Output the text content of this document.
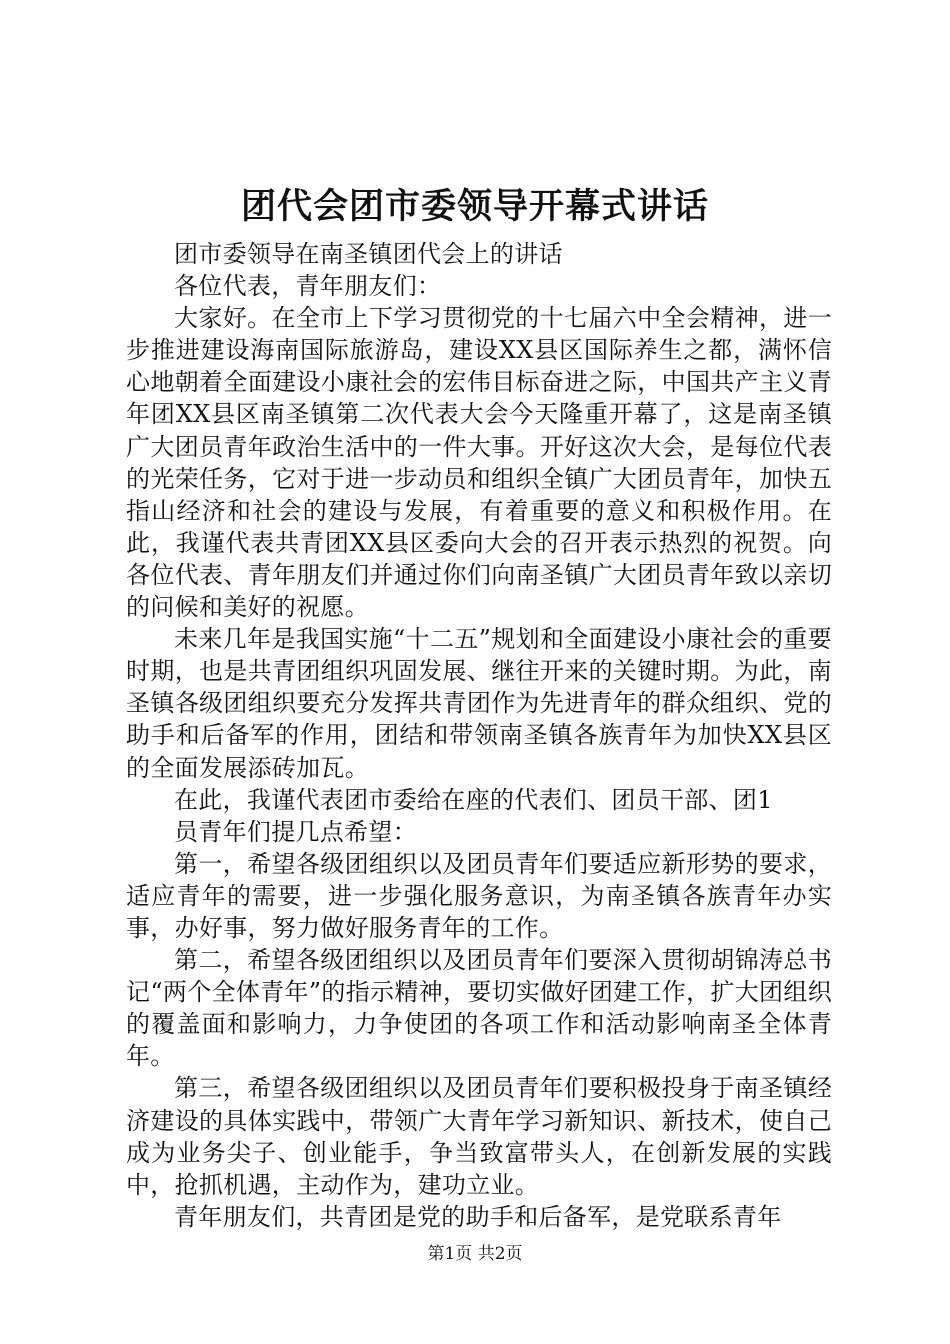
团代会团市委领导开幕式讲话

团市委领导在南圣镇团代会上的讲话

各位代表，青年朋友们：

大家好。在全市上下学习贯彻党的十七届六中全会精神，进一步推进建设海南国际旅游岛，建设XX县区国际养生之都，满怀信心地朝着全面建设小康社会的宏伟目标奋进之际，中国共产主义青年团XX县区南圣镇第二次代表大会今天隆重开幕了，这是南圣镇广大团员青年政治生活中的一件大事。开好这次大会，是每位代表的光荣任务，它对于进一步动员和组织全镇广大团员青年，加快五指山经济和社会的建设与发展，有着重要的意义和积极作用。在此，我谨代表共青团XX县区委向大会的召开表示热烈的祝贺。向各位代表、青年朋友们并通过你们向南圣镇广大团员青年致以亲切的问候和美好的祝愿。

未来几年是我国实施“十二五”规划和全面建设小康社会的重要时期，也是共青团组织巩固发展、继往开来的关键时期。为此，南圣镇各级团组织要充分发挥共青团作为先进青年的群众组织、党的助手和后备军的作用，团结和带领南圣镇各族青年为加快XX县区的全面发展添砖加瓦。

在此，我谨代表团市委给在座的代表们、团员干部、团1

员青年们提几点希望：

第一，希望各级团组织以及团员青年们要适应新形势的要求，适应青年的需要，进一步强化服务意识，为南圣镇各族青年办实事，办好事，努力做好服务青年的工作。

第二，希望各级团组织以及团员青年们要深入贯彻胡锦涛总书记“两个全体青年”的指示精神，要切实做好团建工作，扩大团组织的覆盖面和影响力，力争使团的各项工作和活动影响南圣全体青年。

第三，希望各级团组织以及团员青年们要积极投身于南圣镇经济建设的具体实践中，带领广大青年学习新知识、新技术，使自己成为业务尖子、创业能手，争当致富带头人，在创新发展的实践中，抢抓机遇，主动作为，建功立业。

青年朋友们，共青团是党的助手和后备军，是党联系青年

第1页 共2页
